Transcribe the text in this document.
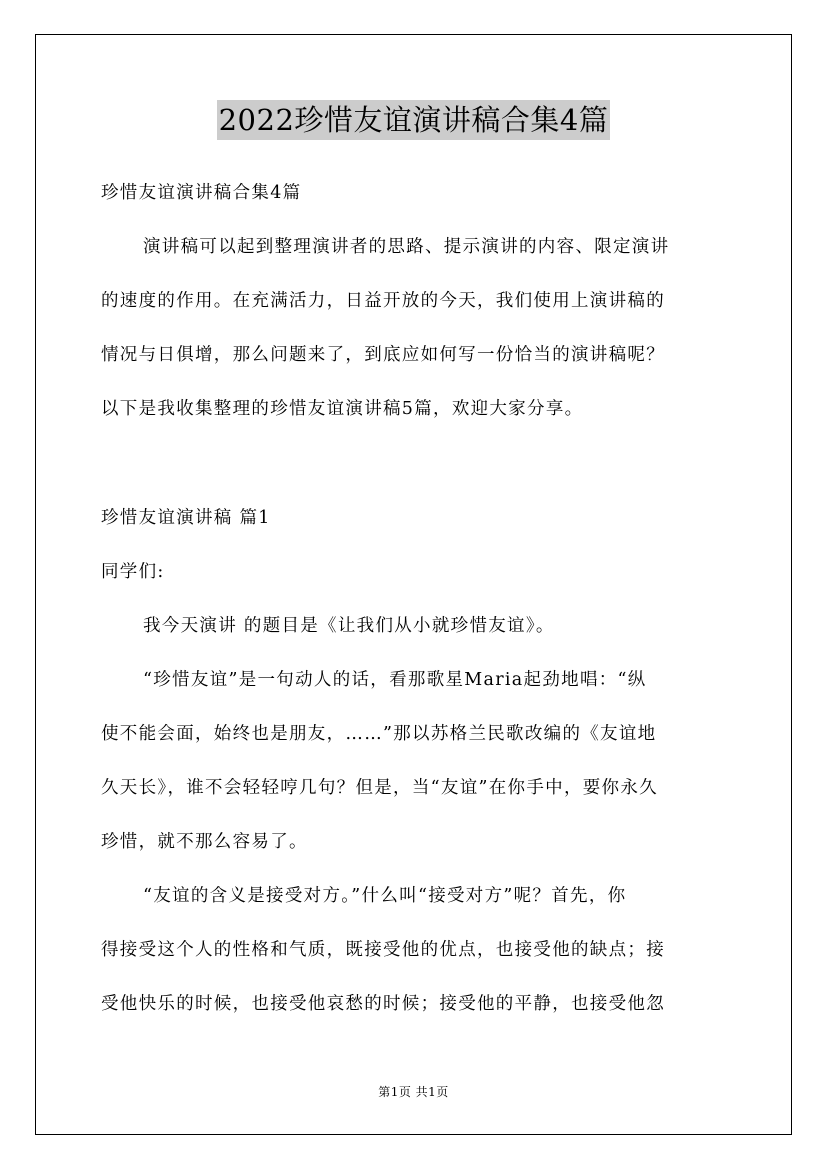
2022珍惜友谊演讲稿合集4篇
珍惜友谊演讲稿合集4篇
演讲稿可以起到整理演讲者的思路、提示演讲的内容、限定演讲
的速度的作用。在充满活力，日益开放的今天，我们使用上演讲稿的
情况与日俱增，那么问题来了，到底应如何写一份恰当的演讲稿呢？
以下是我收集整理的珍惜友谊演讲稿5篇，欢迎大家分享。
珍惜友谊演讲稿 篇1
同学们:
我今天演讲 的题目是《让我们从小就珍惜友谊》。
“珍惜友谊”是一句动人的话，看那歌星Maria起劲地唱：“纵
使不能会面，始终也是朋友，……”那以苏格兰民歌改编的《友谊地
久天长》，谁不会轻轻哼几句？但是，当“友谊”在你手中，要你永久
珍惜，就不那么容易了。
“友谊的含义是接受对方。”什么叫“接受对方”呢？首先，你
得接受这个人的性格和气质，既接受他的优点，也接受他的缺点；接
受他快乐的时候，也接受他哀愁的时候；接受他的平静，也接受他忽
第1页 共1页
